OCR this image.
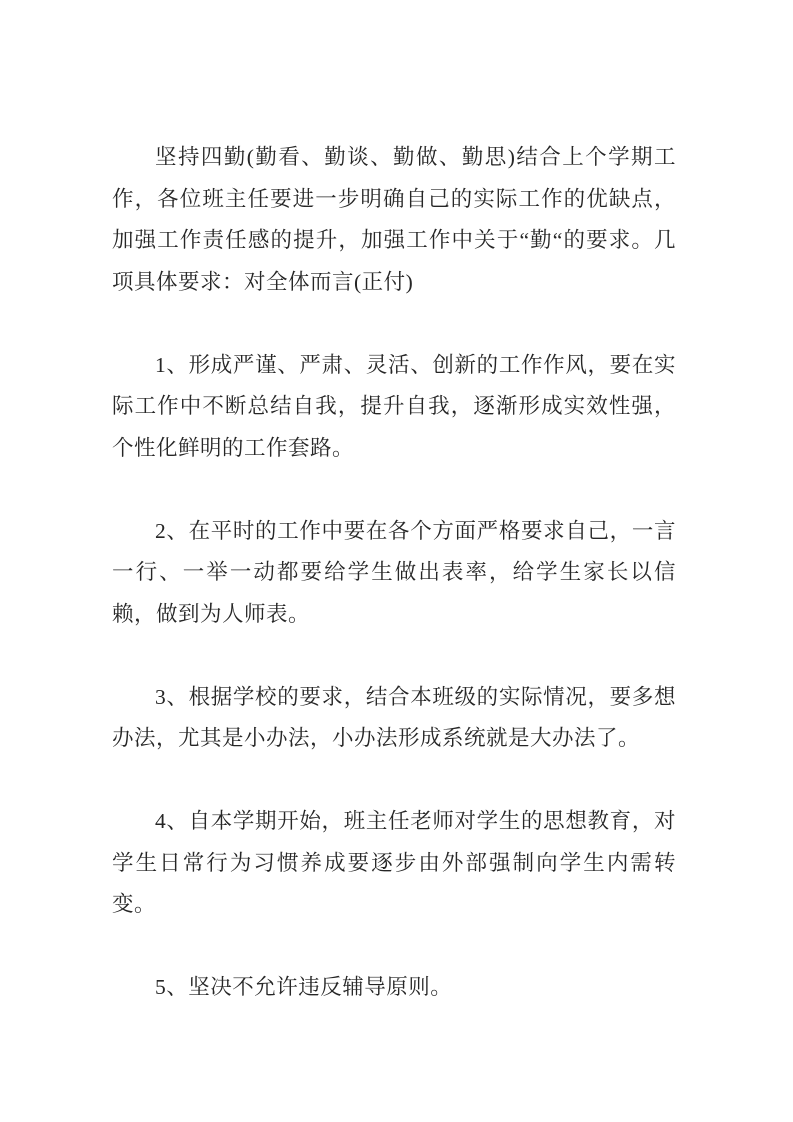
坚持四勤(勤看、勤谈、勤做、勤思)结合上个学期工作，各位班主任要进一步明确自己的实际工作的优缺点，加强工作责任感的提升，加强工作中关于“勤“的要求。几项具体要求：对全体而言(正付)

1、形成严谨、严肃、灵活、创新的工作作风，要在实际工作中不断总结自我，提升自我，逐渐形成实效性强，个性化鲜明的工作套路。

2、在平时的工作中要在各个方面严格要求自己，一言一行、一举一动都要给学生做出表率，给学生家长以信赖，做到为人师表。

3、根据学校的要求，结合本班级的实际情况，要多想办法，尤其是小办法，小办法形成系统就是大办法了。

4、自本学期开始，班主任老师对学生的思想教育，对学生日常行为习惯养成要逐步由外部强制向学生内需转变。

5、坚决不允许违反辅导原则。
